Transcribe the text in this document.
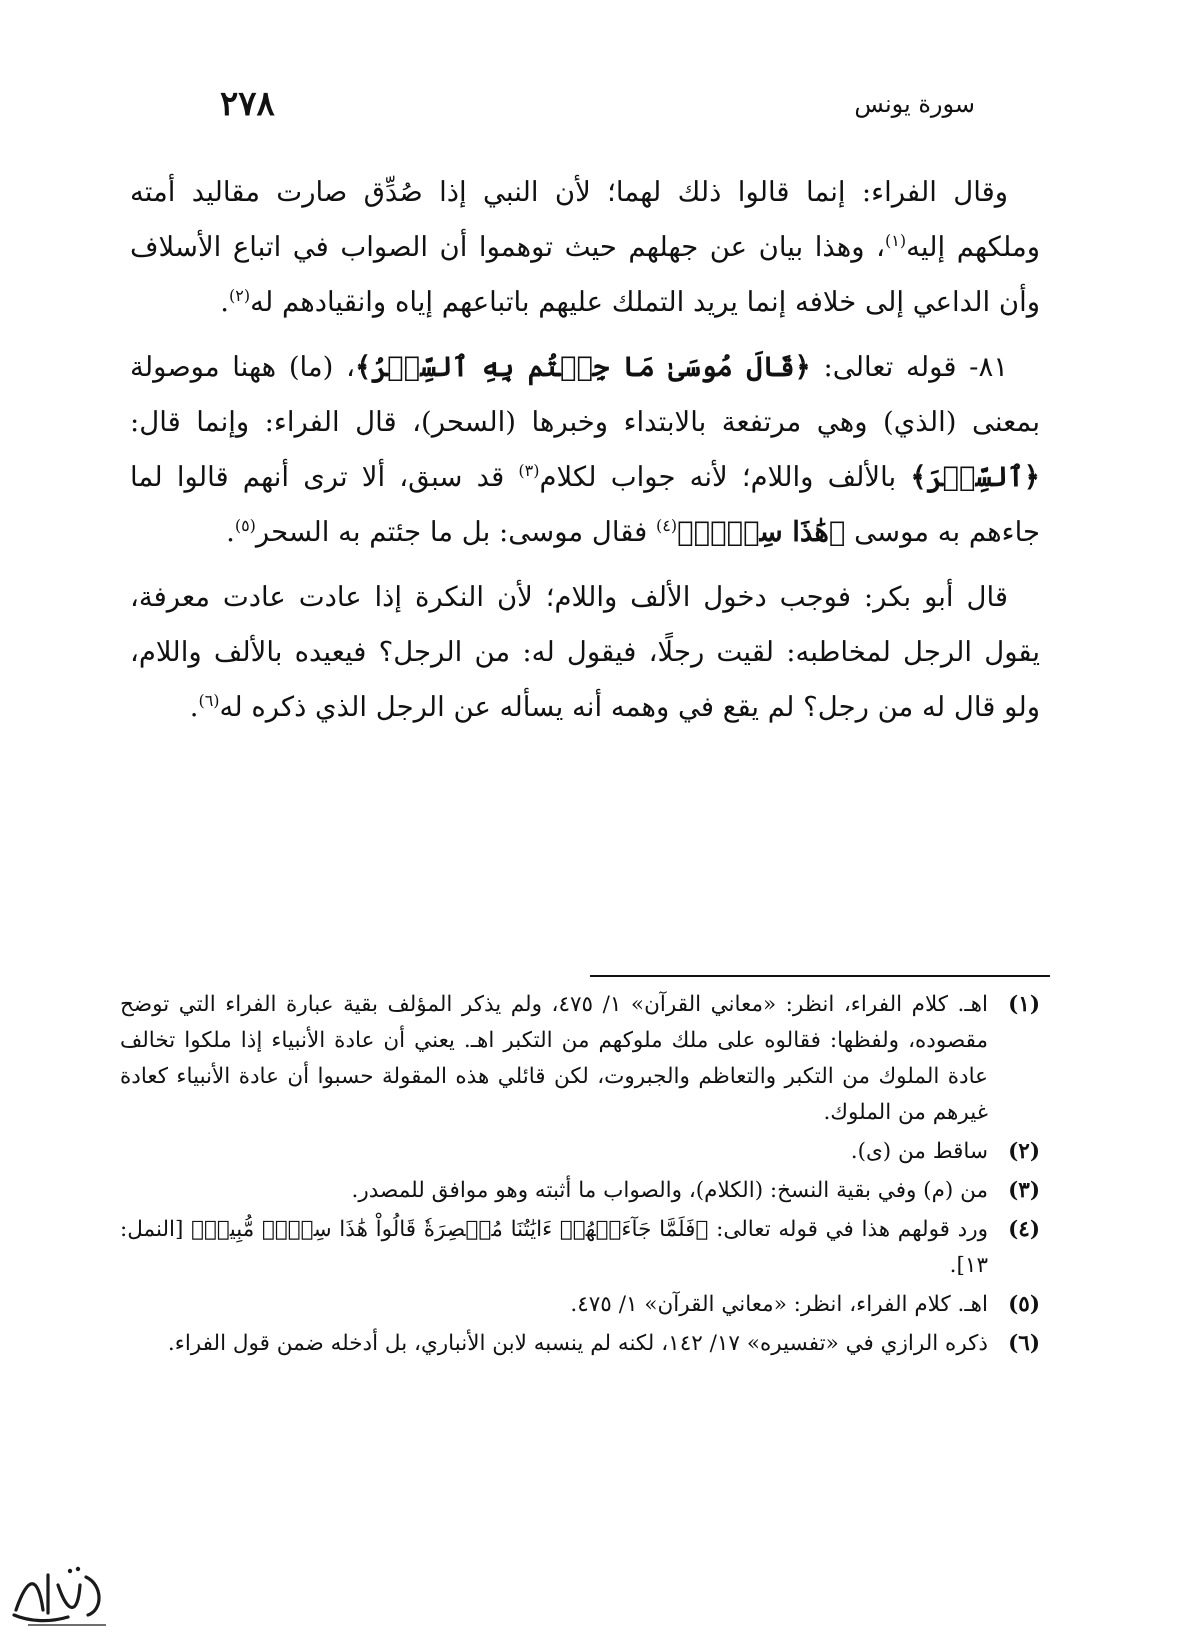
٢٧٨	سورة يونس

وقال الفراء: إنما قالوا ذلك لهما؛ لأن النبي إذا صُدِّق صارت مقاليد أمته وملكهم إليه$^{(١)}$، وهذا بيان عن جهلهم حيث توهموا أن الصواب في اتباع الأسلاف وأن الداعي إلى خلافه إنما يريد التملك عليهم باتباعهم إياه وانقيادهم له$^{(٢)}$.

٨١- قوله تعالى: ﴿قَالَ مُوسَىٰ مَا جِئۡتُم بِهِ ٱلسِّحۡرُ﴾، (ما) ههنا موصولة بمعنى (الذي) وهي مرتفعة بالابتداء وخبرها (السحر)، قال الفراء: وإنما قال: ﴿ٱلسِّحۡرَ﴾ بالألف واللام؛ لأنه جواب لكلام$^{(٣)}$ قد سبق، ألا ترى أنهم قالوا لما جاءهم به موسى ﴿هَٰذَا سِحۡرٞ﴾$^{(٤)}$ فقال موسى: بل ما جئتم به السحر$^{(٥)}$.

قال أبو بكر: فوجب دخول الألف واللام؛ لأن النكرة إذا عادت عادت معرفة، يقول الرجل لمخاطبه: لقيت رجلًا، فيقول له: من الرجل؟ فيعيده بالألف واللام، ولو قال له من رجل؟ لم يقع في وهمه أنه يسأله عن الرجل الذي ذكره له$^{(٦)}$.

(١)
اهـ. كلام الفراء، انظر: «معاني القرآن» ١/ ٤٧٥، ولم يذكر المؤلف بقية عبارة الفراء التي توضح مقصوده، ولفظها: فقالوه على ملك ملوكهم من التكبر اهـ. يعني أن عادة الأنبياء إذا ملكوا تخالف عادة الملوك من التكبر والتعاظم والجبروت، لكن قائلي هذه المقولة حسبوا أن عادة الأنبياء كعادة غيرهم من الملوك.
(٢)
ساقط من (ى).
(٣)
من (م) وفي بقية النسخ: (الكلام)، والصواب ما أثبته وهو موافق للمصدر.
(٤)
ورد قولهم هذا في قوله تعالى: ﴿فَلَمَّا جَآءَتۡهُمۡ ءَايَٰتُنَا مُبۡصِرَةٗ قَالُواْ هَٰذَا سِحۡرٞ مُّبِينٞ﴾ [النمل: ١٣].
(٥)
اهـ. كلام الفراء، انظر: «معاني القرآن» ١/ ٤٧٥.
(٦)
ذكره الرازي في «تفسيره» ١٧/ ١٤٢، لكنه لم ينسبه لابن الأنباري، بل أدخله ضمن قول الفراء.
